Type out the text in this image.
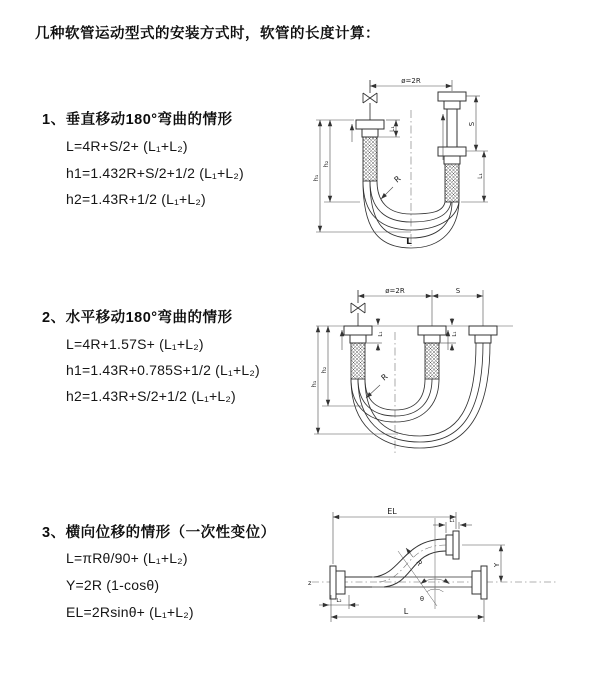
几种软管运动型式的安装方式时，软管的长度计算：
1、垂直移动180°弯曲的情形
L=4R+S/2+ (L₁+L₂)
h1=1.432R+S/2+1/2 (L₁+L₂)
h2=1.43R+1/2 (L₁+L₂)
2、水平移动180°弯曲的情形
L=4R+1.57S+ (L₁+L₂)
h1=1.43R+0.785S+1/2 (L₁+L₂)
h2=1.43R+S/2+1/2 (L₁+L₂)
3、横向位移的情形（一次性变位）
L=πRθ/90+ (L₁+L₂)
Y=2R (1-cosθ)
EL=2Rsinθ+ (L₁+L₂)
ø=2R
L₁
S
L₁
R
L
h₁
h₂
ø=2R	S
L₁	L₁
R
h₂
h₁
z
θ
R
EL
L₁
Y
L₂
L
